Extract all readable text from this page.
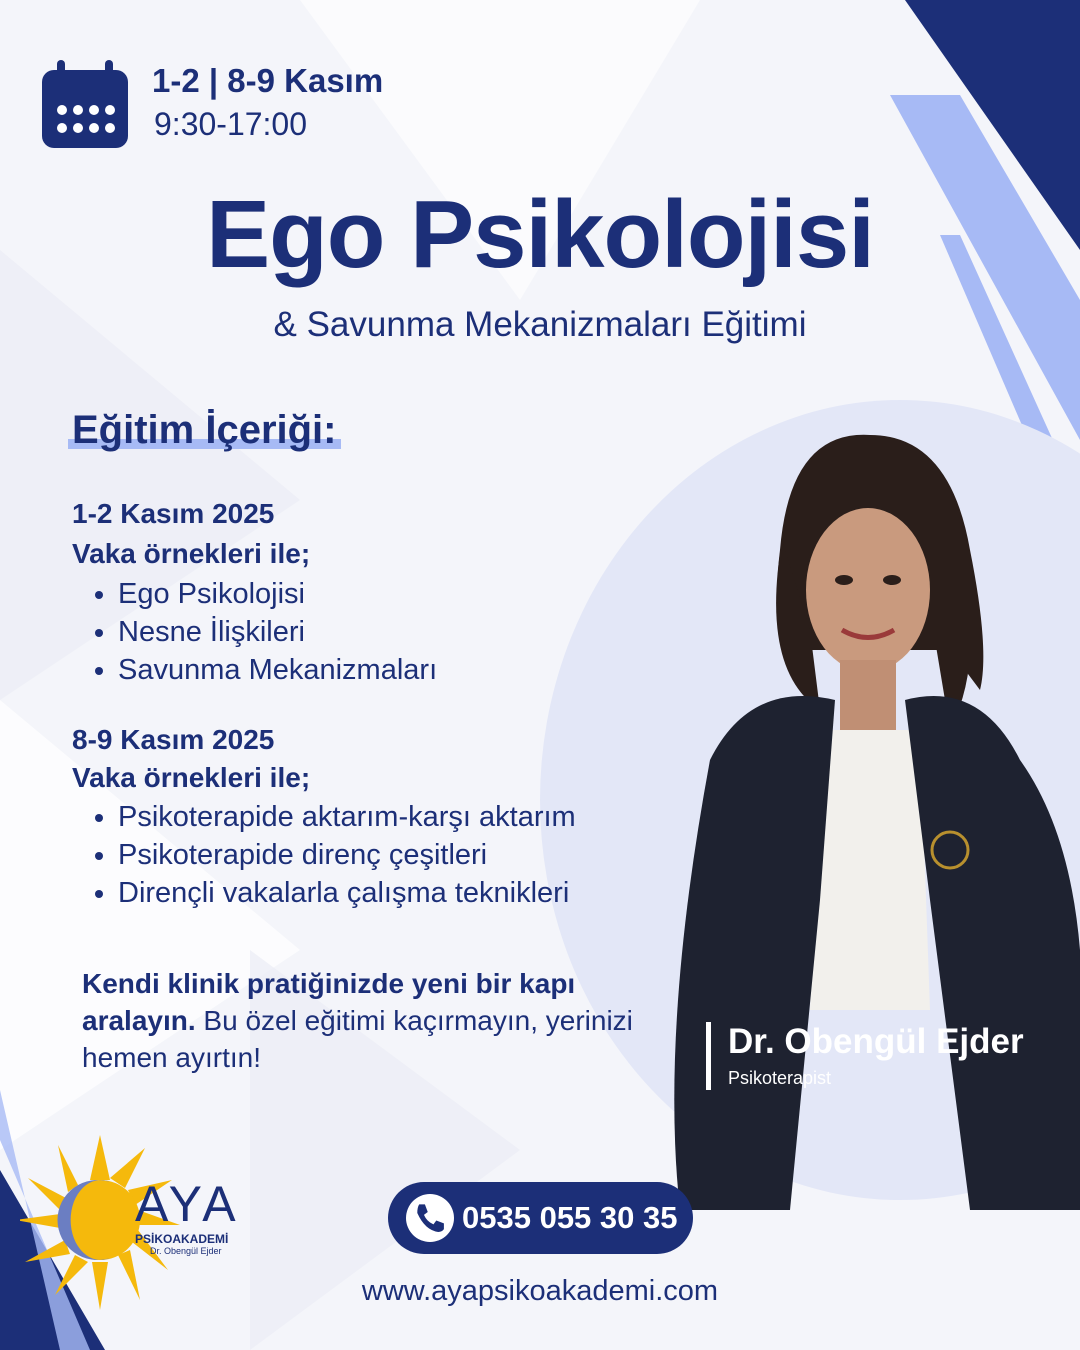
1-2 | 8-9 Kasım
9:30-17:00
Ego Psikolojisi
& Savunma Mekanizmaları Eğitimi
Dr. Obengül Ejder
Psikoterapist
Eğitim İçeriği:
1-2 Kasım 2025
Vaka örnekleri ile;
• Ego Psikolojisi
• Nesne İlişkileri
• Savunma Mekanizmaları
8-9 Kasım 2025
Vaka örnekleri ile;
• Psikoterapide aktarım-karşı aktarım
• Psikoterapide direnç çeşitleri
• Dirençli vakalarla çalışma teknikleri
Kendi klinik pratiğinizde yeni bir kapı aralayın. Bu özel eğitimi kaçırmayın, yerinizi hemen ayırtın!
0535 055 30 35
www.ayapsikoakademi.com
AYA
PSİKOAKADEMİ
Dr. Obengül Ejder
